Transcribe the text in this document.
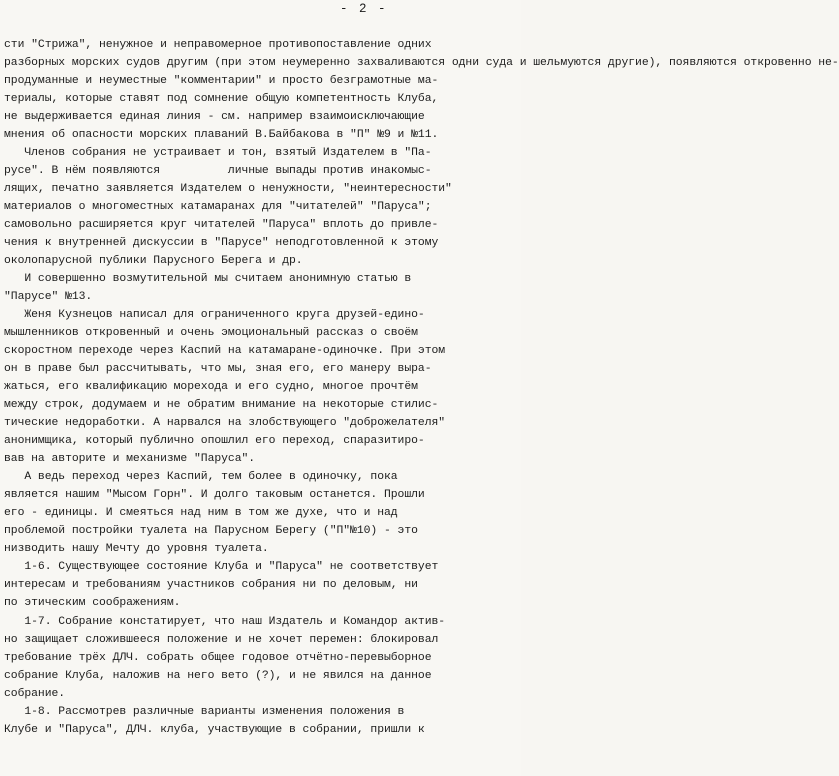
- 2 -
сти "Стрижа", ненужное и неправомерное противопоставление одних
разборных морских судов другим (при этом неумеренно захваливаются одни суда и шельмуются другие), появляются откровенно не-
продуманные и неуместные "комментарии" и просто безграмотные ма-
териалы, которые ставят под сомнение общую компетентность Клуба,
не выдерживается единая линия - см. например взаимоисключающие
мнения об опасности морских плаваний В.Байбакова в "П" №9 и №11.
Членов собрания не устраивает и тон, взятый Издателем в "Па-
русе". В нём появляются          личные выпады против инакомыс-
лящих, печатно заявляется Издателем о ненужности, "неинтересности"
материалов о многоместных катамаранах для "читателей" "Паруса";
самовольно расширяется круг читателей "Паруса" вплоть до привле-
чения к внутренней дискуссии в "Парусе" неподготовленной к этому
околопарусной публики Парусного Берега и др.
И совершенно возмутительной мы считаем анонимную статью в
"Парусе" №13.
Женя Кузнецов написал для ограниченного круга друзей-едино-
мышленников откровенный и очень эмоциональный рассказ о своём
скоростном переходе через Каспий на катамаране-одиночке. При этом
он в праве был рассчитывать, что мы, зная его, его манеру выра-
жаться, его квалификацию морехода и его судно, многое прочтём
между строк, додумаем и не обратим внимание на некоторые стилис-
тические недоработки. А нарвался на злобствующего "доброжелателя"
анонимщика, который публично опошлил его переход, спаразитиро-
вав на авторите и механизме "Паруса".
А ведь переход через Каспий, тем более в одиночку, пока
является нашим "Мысом Горн". И долго таковым останется. Прошли
его - единицы. И смеяться над ним в том же духе, что и над
проблемой постройки туалета на Парусном Берегу ("П"№10) - это
низводить нашу Мечту до уровня туалета.
1-6. Существующее состояние Клуба и "Паруса" не соответствует
интересам и требованиям участников собрания ни по деловым, ни
по этическим соображениям.
1-7. Собрание констатирует, что наш Издатель и Командор актив-
но защищает сложившееся положение и не хочет перемен: блокировал
требование трёх ДЛЧ. собрать общее годовое отчётно-перевыборное
собрание Клуба, наложив на него вето (?), и не явился на данное
собрание.
1-8. Рассмотрев различные варианты изменения положения в
Клубе и "Паруса", ДЛЧ. клуба, участвующие в собрании, пришли к
